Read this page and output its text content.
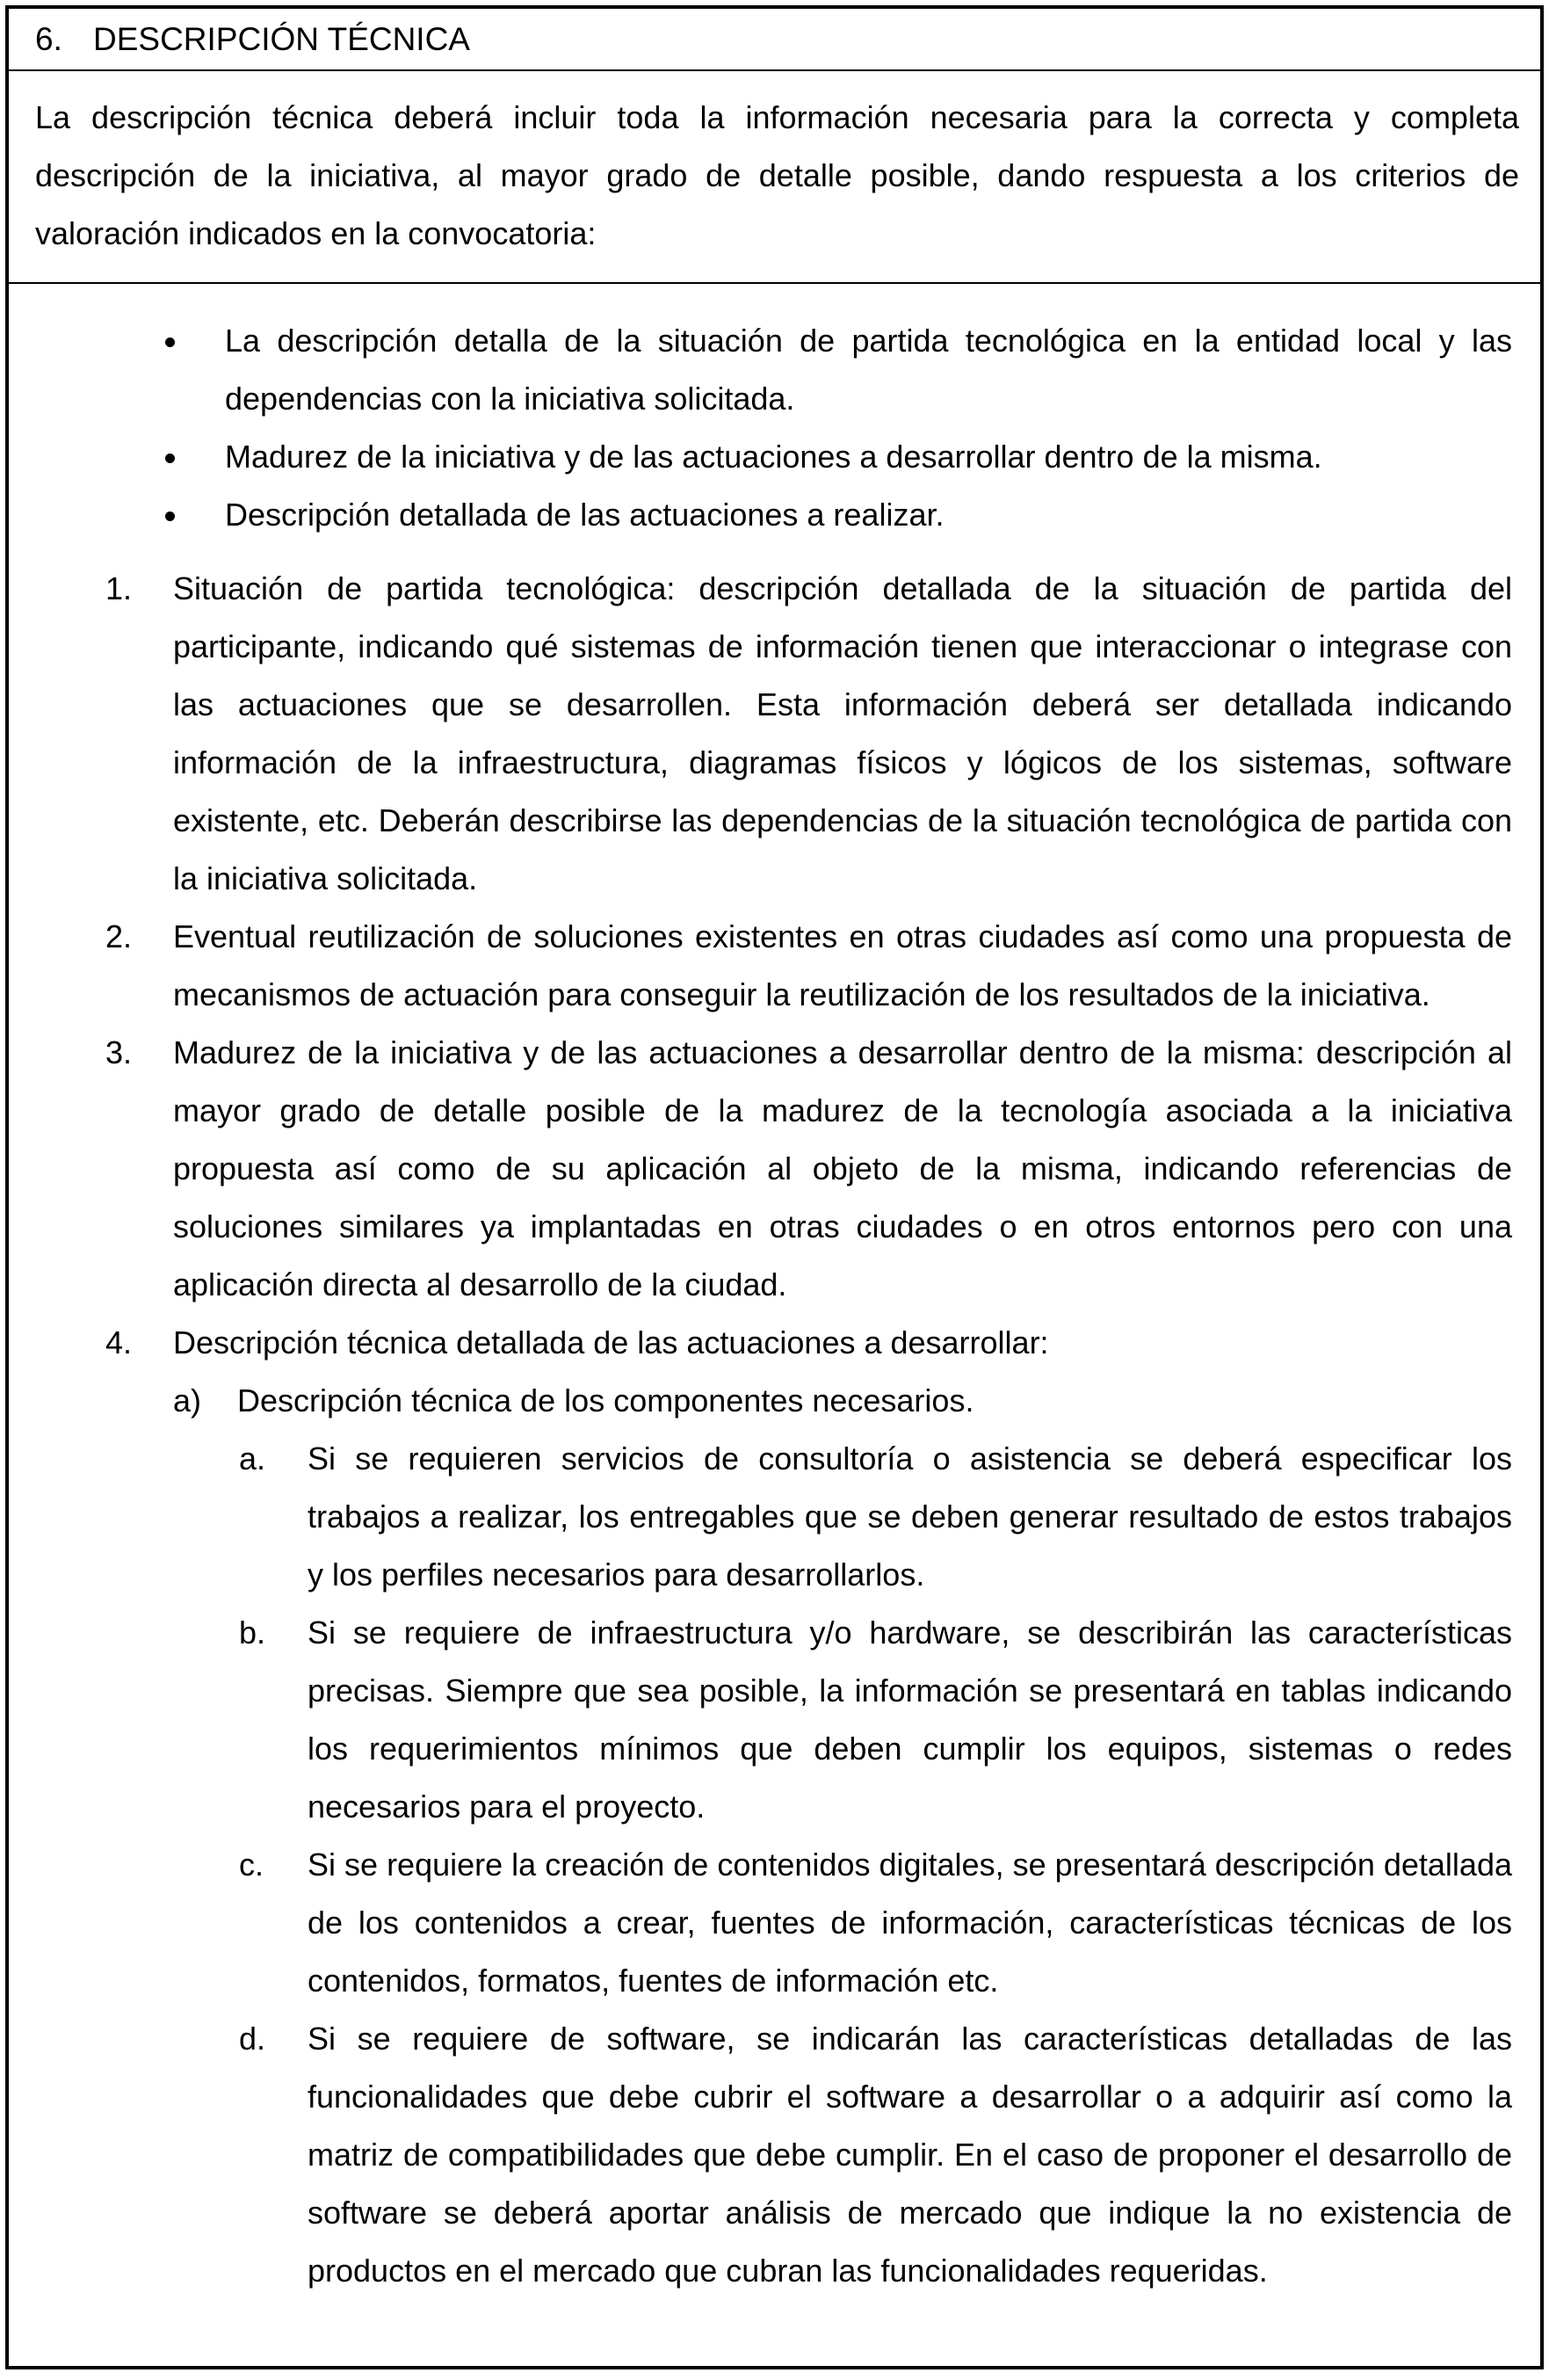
6. DESCRIPCIÓN TÉCNICA
La descripción técnica deberá incluir toda la información necesaria para la correcta y completa descripción de la iniciativa, al mayor grado de detalle posible, dando respuesta a los criterios de valoración indicados en la convocatoria:
La descripción detalla de la situación de partida tecnológica en la entidad local y las dependencias con la iniciativa solicitada.
Madurez de la iniciativa y de las actuaciones a desarrollar dentro de la misma.
Descripción detallada de las actuaciones a realizar.
1. Situación de partida tecnológica: descripción detallada de la situación de partida del participante, indicando qué sistemas de información tienen que interaccionar o integrase con las actuaciones que se desarrollen. Esta información deberá ser detallada indicando información de la infraestructura, diagramas físicos y lógicos de los sistemas, software existente, etc. Deberán describirse las dependencias de la situación tecnológica de partida con la iniciativa solicitada.
2. Eventual reutilización de soluciones existentes en otras ciudades así como una propuesta de mecanismos de actuación para conseguir la reutilización de los resultados de la iniciativa.
3. Madurez de la iniciativa y de las actuaciones a desarrollar dentro de la misma: descripción al mayor grado de detalle posible de la madurez de la tecnología asociada a la iniciativa propuesta así como de su aplicación al objeto de la misma, indicando referencias de soluciones similares ya implantadas en otras ciudades o en otros entornos pero con una aplicación directa al desarrollo de la ciudad.
4. Descripción técnica detallada de las actuaciones a desarrollar:
a) Descripción técnica de los componentes necesarios.
a. Si se requieren servicios de consultoría o asistencia se deberá especificar los trabajos a realizar, los entregables que se deben generar resultado de estos trabajos y los perfiles necesarios para desarrollarlos.
b. Si se requiere de infraestructura y/o hardware, se describirán las características precisas. Siempre que sea posible, la información se presentará en tablas indicando los requerimientos mínimos que deben cumplir los equipos, sistemas o redes necesarios para el proyecto.
c. Si se requiere la creación de contenidos digitales, se presentará descripción detallada de los contenidos a crear, fuentes de información, características técnicas de los contenidos, formatos, fuentes de información etc.
d. Si se requiere de software, se indicarán las características detalladas de las funcionalidades que debe cubrir el software a desarrollar o a adquirir así como la matriz de compatibilidades que debe cumplir. En el caso de proponer el desarrollo de software se deberá aportar análisis de mercado que indique la no existencia de productos en el mercado que cubran las funcionalidades requeridas.
